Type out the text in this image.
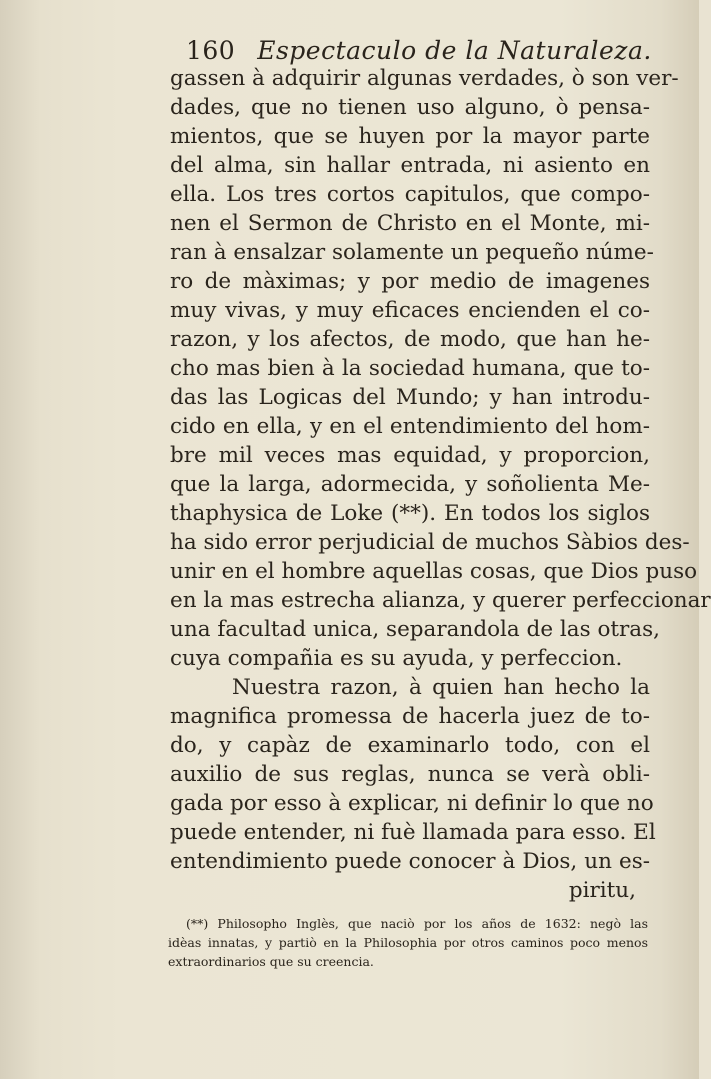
160 Espectaculo de la Naturaleza.
gassen à adquirir algunas verdades, ò son ver-
dades, que no tienen uso alguno, ò pensa-
mientos, que se huyen por la mayor parte
del alma, sin hallar entrada, ni asiento en
ella. Los tres cortos capitulos, que compo-
nen el Sermon de Christo en el Monte, mi-
ran à ensalzar solamente un pequeño núme-
ro de màximas; y por medio de imagenes
muy vivas, y muy eficaces encienden el co-
razon, y los afectos, de modo, que han he-
cho mas bien à la sociedad humana, que to-
das las Logicas del Mundo; y han introdu-
cido en ella, y en el entendimiento del hom-
bre mil veces mas equidad, y proporcion,
que la larga, adormecida, y soñolienta Me-
thaphysica de Loke (**). En todos los siglos
ha sido error perjudicial de muchos Sàbios des-
unir en el hombre aquellas cosas, que Dios puso
en la mas estrecha alianza, y querer perfeccionar
una facultad unica, separandola de las otras,
cuya compañia es su ayuda, y perfeccion.
Nuestra razon, à quien han hecho la
magnifica promessa de hacerla juez de to-
do, y capàz de examinarlo todo, con el
auxilio de sus reglas, nunca se verà obli-
gada por esso à explicar, ni definir lo que no
puede entender, ni fuè llamada para esso. El
entendimiento puede conocer à Dios, un es-
piritu,
(**) Philosopho Inglès, que naciò por los años de 1632: negò las
idèas innatas, y partiò en la Philosophia por otros caminos poco menos
extraordinarios que su creencia.
